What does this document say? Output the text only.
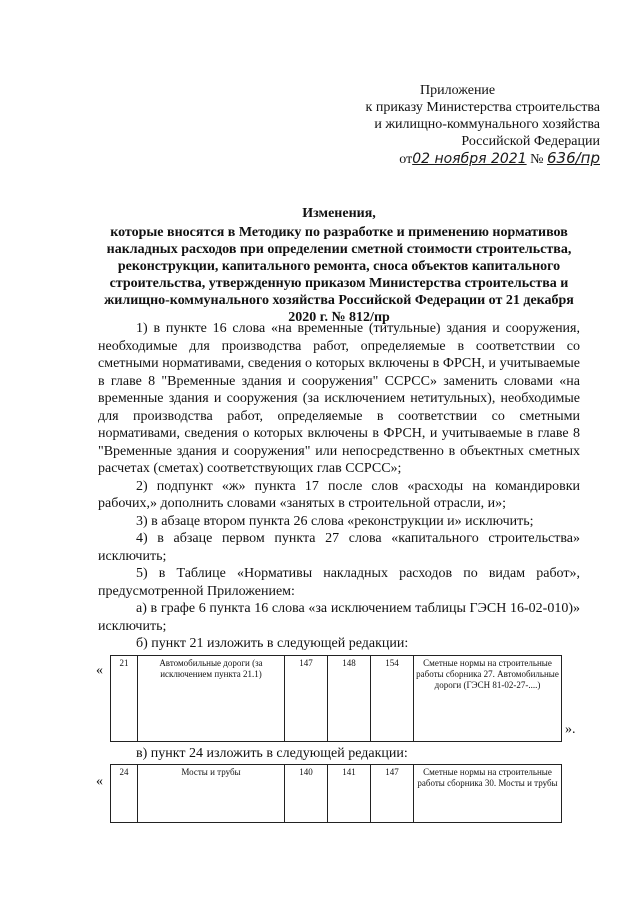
Приложение
к приказу Министерства строительства
и жилищно-коммунального хозяйства
Российской Федерации
от02 ноября 2021 № 636/пр
Изменения,
которые вносятся в Методику по разработке и применению нормативов накладных расходов при определении сметной стоимости строительства, реконструкции, капитального ремонта, сноса объектов капитального строительства, утвержденную приказом Министерства строительства и жилищно-коммунального хозяйства Российской Федерации от 21 декабря 2020 г. № 812/пр

1) в пункте 16 слова «на временные (титульные) здания и сооружения, необходимые для производства работ, определяемые в соответствии со сметными нормативами, сведения о которых включены в ФРСН, и учитываемые в главе 8 "Временные здания и сооружения" ССРСС» заменить словами «на временные здания и сооружения (за исключением нетитульных), необходимые для производства работ, определяемые в соответствии со сметными нормативами, сведения о которых включены в ФРСН, и учитываемые в главе 8 "Временные здания и сооружения" или непосредственно в объектных сметных расчетах (сметах) соответствующих глав ССРСС»;

2) подпункт «ж» пункта 17 после слов «расходы на командировки рабочих,» дополнить словами «занятых в строительной отрасли, и»;

3) в абзаце втором пункта 26 слова «реконструкции и» исключить;

4) в абзаце первом пункта 27 слова «капитального строительства» исключить;

5) в Таблице «Нормативы накладных расходов по видам работ», предусмотренной Приложением:

а) в графе 6 пункта 16 слова «за исключением таблицы ГЭСН 16-02-010)» исключить;

б) пункт 21 изложить в следующей редакции:

« 21	Автомобильные дороги (за исключением пункта 21.1)	147	148	154	Сметные нормы на строительные работы сборника 27. Автомобильные дороги (ГЭСН 81-02-27-....)
».
в) пункт 24 изложить в следующей редакции:
«
24	Мосты и трубы	140	141	147	Сметные нормы на строительные работы сборника 30. Мосты и трубы
